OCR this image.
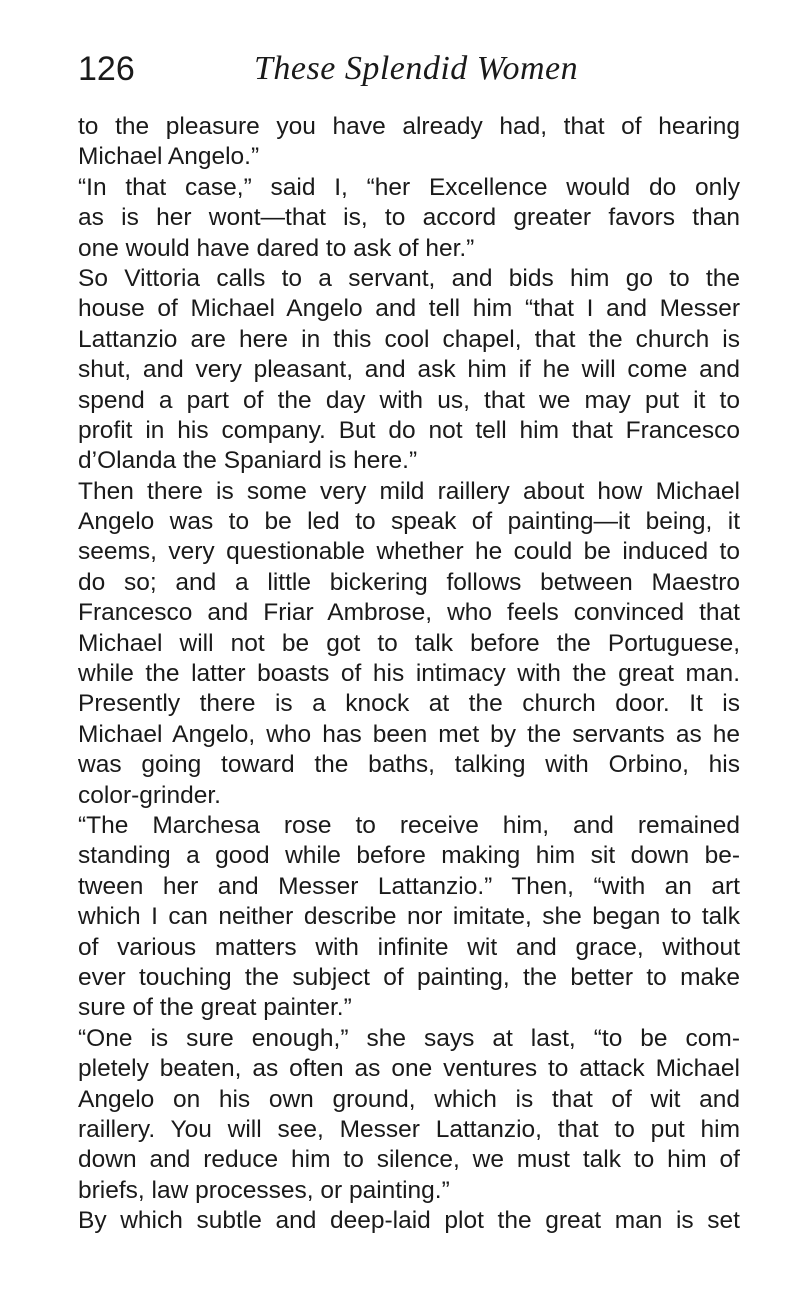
126	These Splendid Women
to the pleasure you have already had, that of hearing
Michael Angelo.”
“In that case,” said I, “her Excellence would do only
as is her wont—that is, to accord greater favors than
one would have dared to ask of her.”
So Vittoria calls to a servant, and bids him go to the
house of Michael Angelo and tell him “that I and Messer
Lattanzio are here in this cool chapel, that the church is
shut, and very pleasant, and ask him if he will come and
spend a part of the day with us, that we may put it to
profit in his company. But do not tell him that Francesco
d’Olanda the Spaniard is here.”
Then there is some very mild raillery about how Michael
Angelo was to be led to speak of painting—it being, it
seems, very questionable whether he could be induced to
do so; and a little bickering follows between Maestro
Francesco and Friar Ambrose, who feels convinced that
Michael will not be got to talk before the Portuguese,
while the latter boasts of his intimacy with the great man.
Presently there is a knock at the church door. It is
Michael Angelo, who has been met by the servants as he
was going toward the baths, talking with Orbino, his
color-grinder.
“The Marchesa rose to receive him, and remained
standing a good while before making him sit down be-
tween her and Messer Lattanzio.” Then, “with an art
which I can neither describe nor imitate, she began to talk
of various matters with infinite wit and grace, without
ever touching the subject of painting, the better to make
sure of the great painter.”
“One is sure enough,” she says at last, “to be com-
pletely beaten, as often as one ventures to attack Michael
Angelo on his own ground, which is that of wit and
raillery. You will see, Messer Lattanzio, that to put him
down and reduce him to silence, we must talk to him of
briefs, law processes, or painting.”
By which subtle and deep-laid plot the great man is set
